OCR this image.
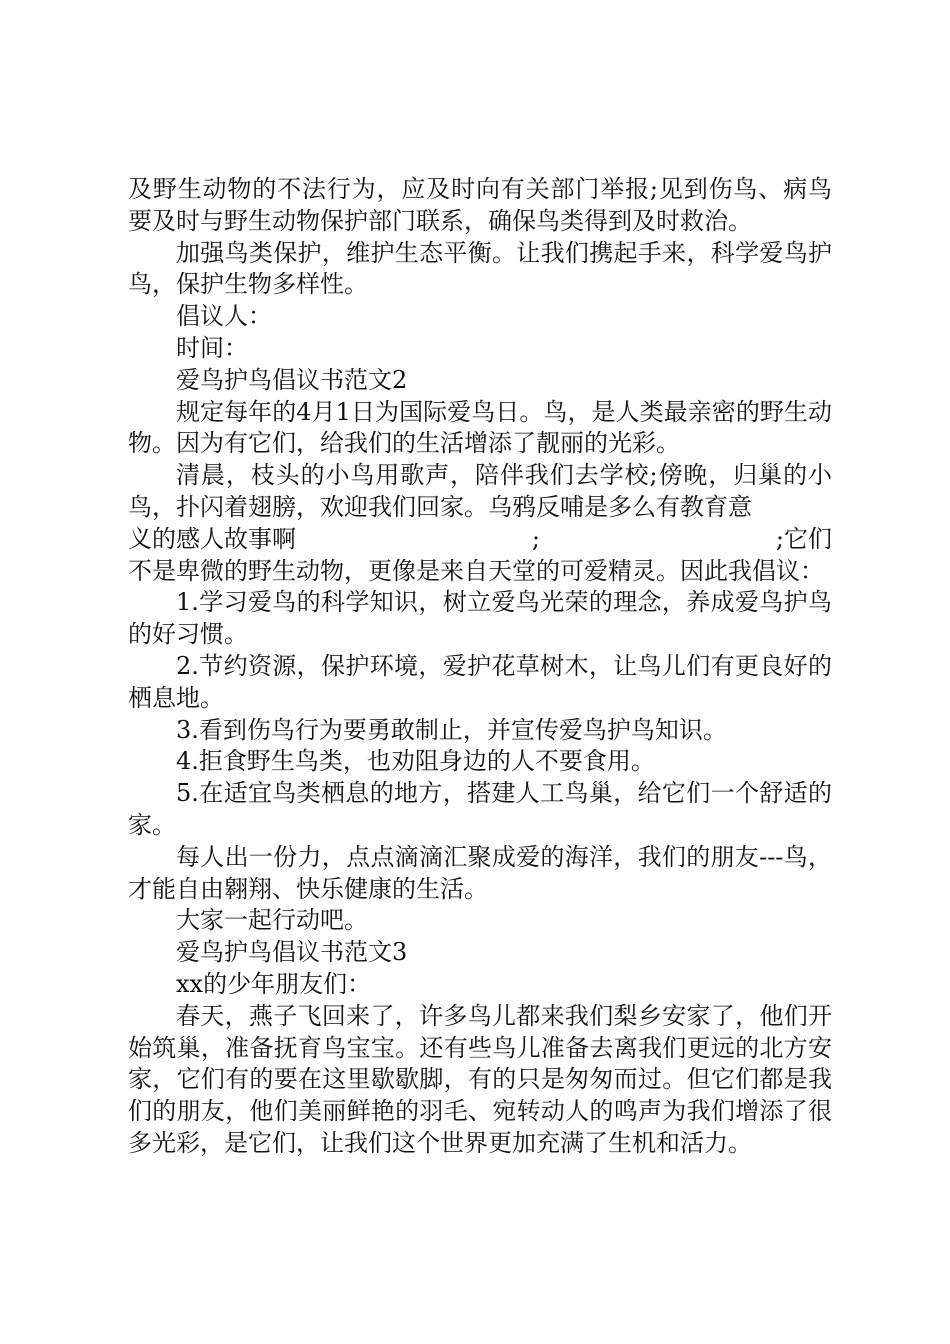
及野生动物的不法行为，应及时向有关部门举报;见到伤鸟、病鸟要及时与野生动物保护部门联系，确保鸟类得到及时救治。

加强鸟类保护，维护生态平衡。让我们携起手来，科学爱鸟护鸟，保护生物多样性。

倡议人：

时间：

爱鸟护鸟倡议书范文2

规定每年的4月1日为国际爱鸟日。鸟，是人类最亲密的野生动物。因为有它们，给我们的生活增添了靓丽的光彩。

清晨，枝头的小鸟用歌声，陪伴我们去学校;傍晚，归巢的小鸟，扑闪着翅膀，欢迎我们回家。乌鸦反哺是多么有教育意

义的感人故事啊	;	;它们

不是卑微的野生动物，更像是来自天堂的可爱精灵。因此我倡议：

1.学习爱鸟的科学知识，树立爱鸟光荣的理念，养成爱鸟护鸟的好习惯。

2.节约资源，保护环境，爱护花草树木，让鸟儿们有更良好的栖息地。

3.看到伤鸟行为要勇敢制止，并宣传爱鸟护鸟知识。

4.拒食野生鸟类，也劝阻身边的人不要食用。

5.在适宜鸟类栖息的地方，搭建人工鸟巢，给它们一个舒适的家。

每人出一份力，点点滴滴汇聚成爱的海洋，我们的朋友---鸟，才能自由翱翔、快乐健康的生活。

大家一起行动吧。

爱鸟护鸟倡议书范文3

xx的少年朋友们：

春天，燕子飞回来了，许多鸟儿都来我们梨乡安家了，他们开始筑巢，准备抚育鸟宝宝。还有些鸟儿准备去离我们更远的北方安家，它们有的要在这里歇歇脚，有的只是匆匆而过。但它们都是我们的朋友，他们美丽鲜艳的羽毛、宛转动人的鸣声为我们增添了很多光彩，是它们，让我们这个世界更加充满了生机和活力。
